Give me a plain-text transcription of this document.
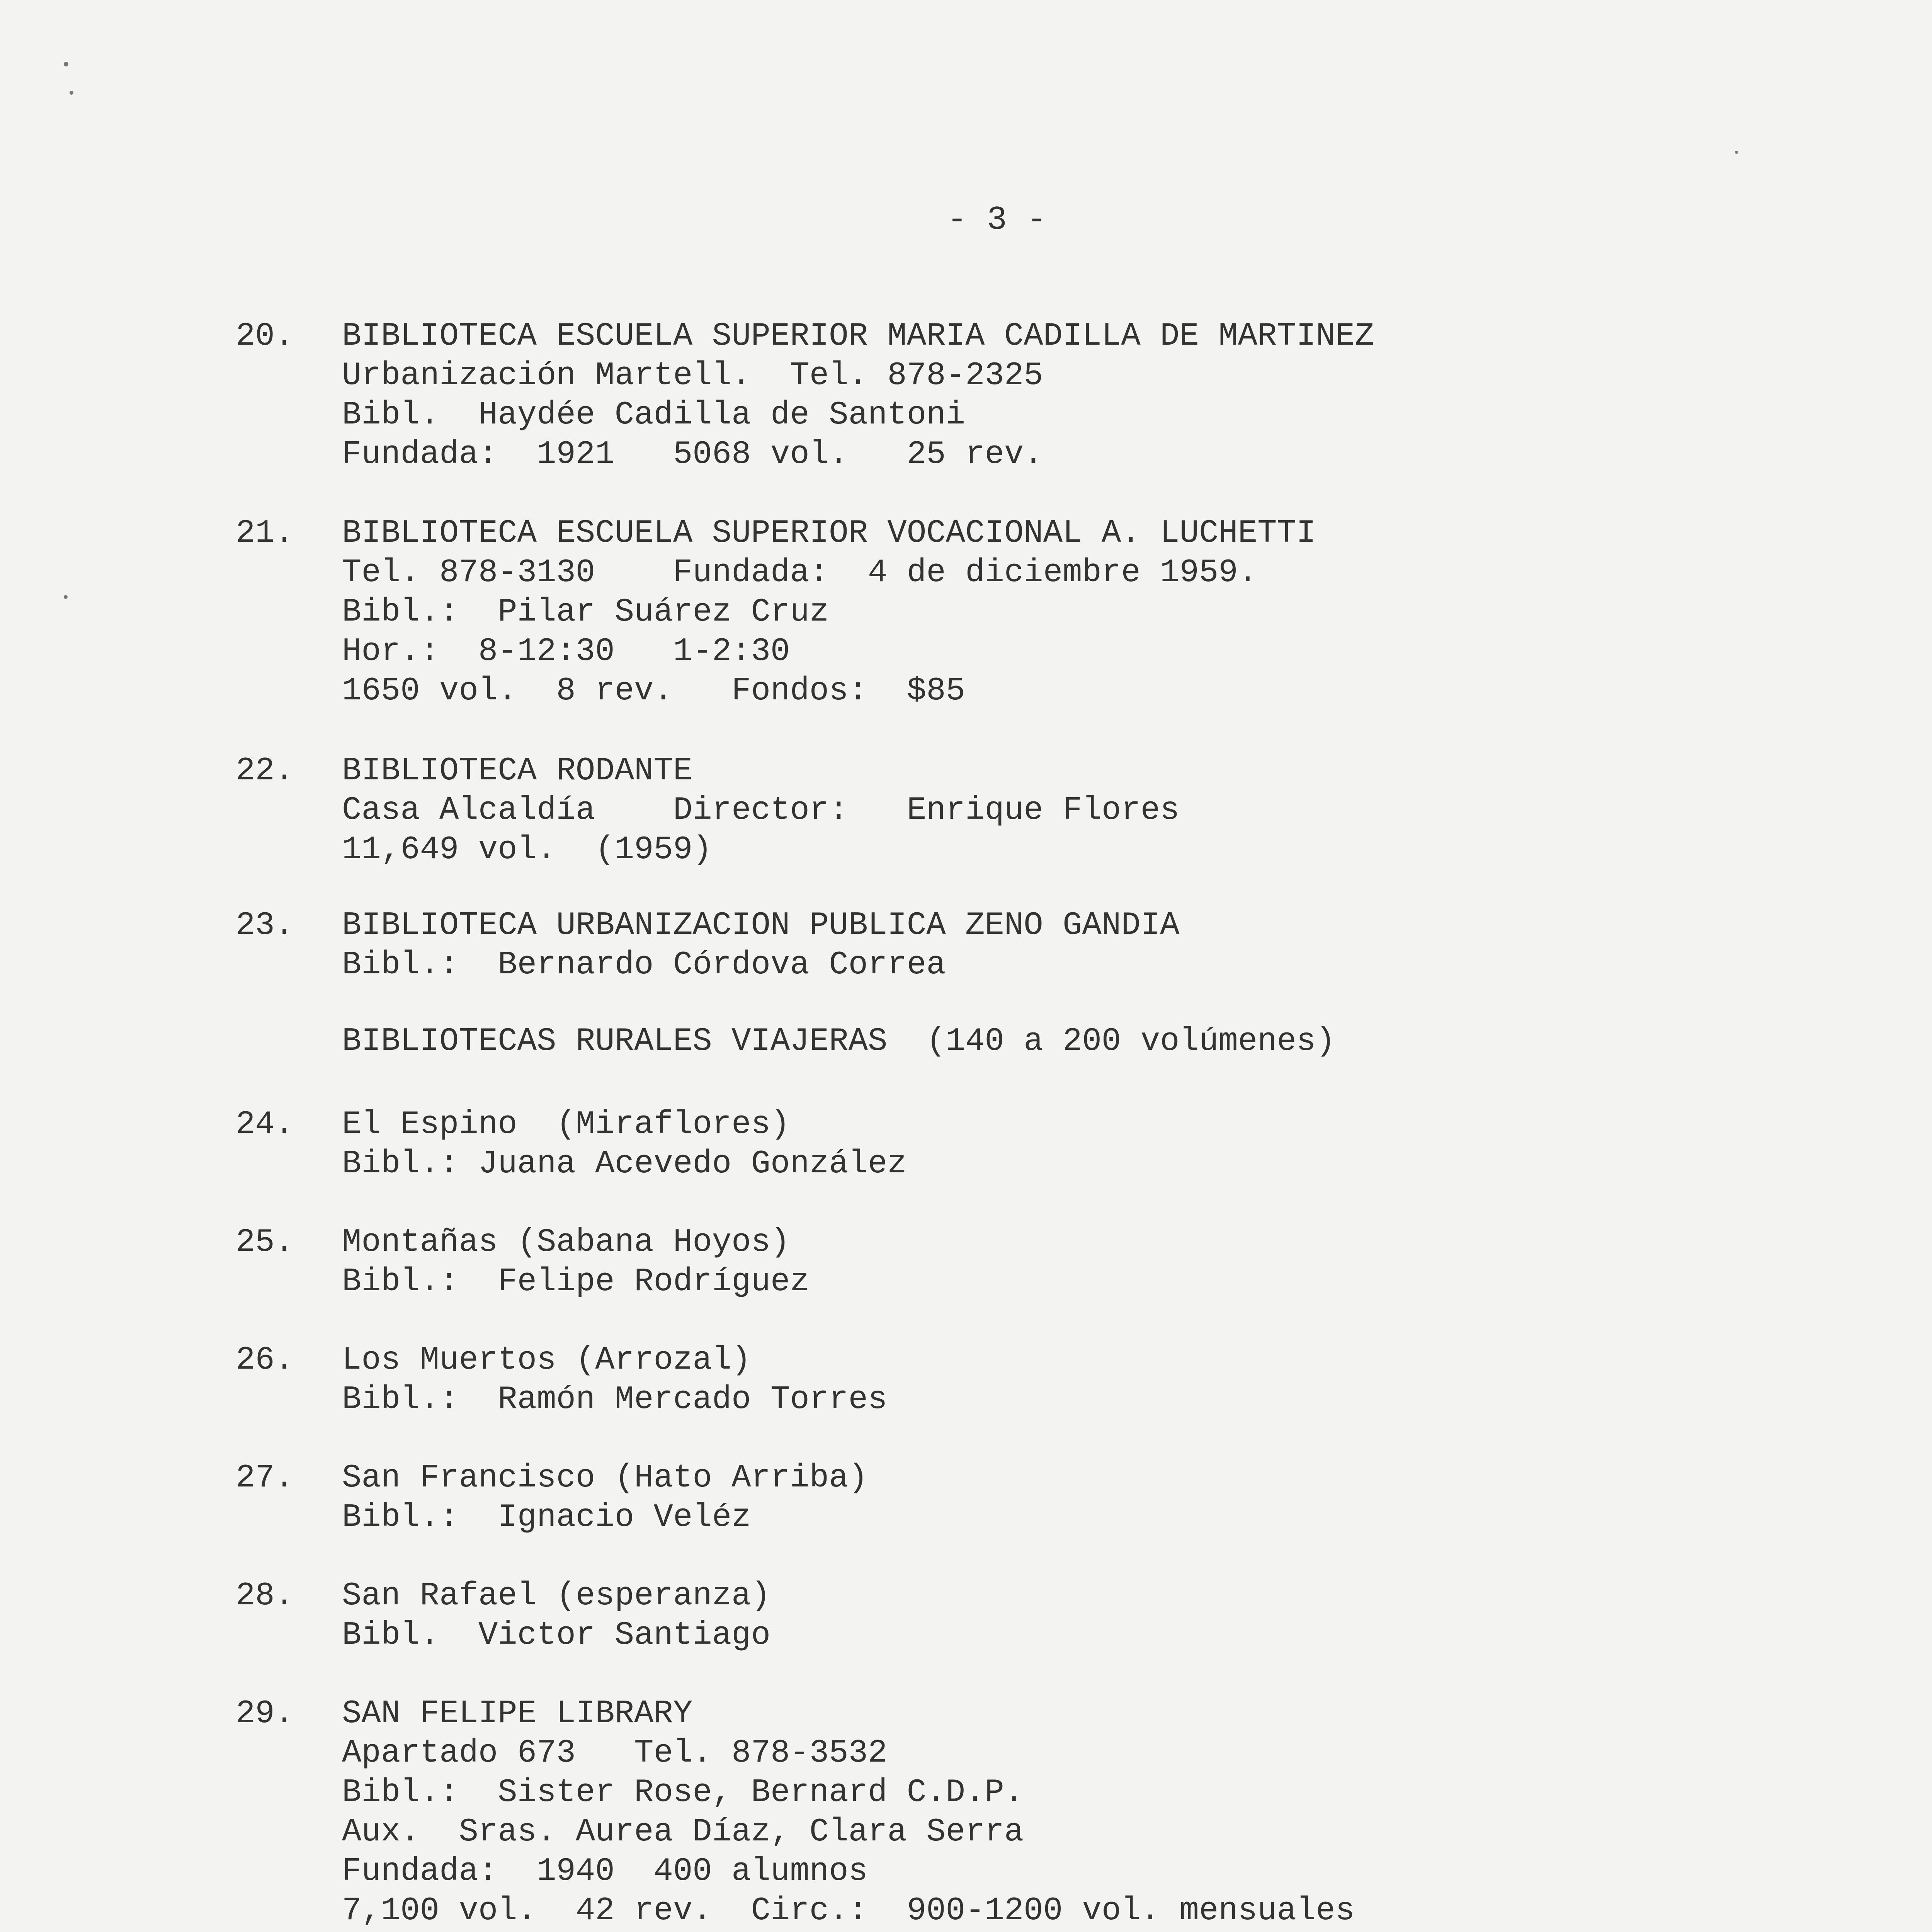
- 3 -
20. BIBLIOTECA ESCUELA SUPERIOR MARIA CADILLA DE MARTINEZ
Urbanización Martell.  Tel. 878-2325
Bibl.  Haydée Cadilla de Santoni
Fundada:  1921   5068 vol.   25 rev.
21. BIBLIOTECA ESCUELA SUPERIOR VOCACIONAL A. LUCHETTI
Tel. 878-3130    Fundada:  4 de diciembre 1959.
Bibl.:  Pilar Suárez Cruz
Hor.:  8-12:30   1-2:30
1650 vol.  8 rev.   Fondos:  $85
22. BIBLIOTECA RODANTE
Casa Alcaldía    Director:   Enrique Flores
11,649 vol.  (1959)
23. BIBLIOTECA URBANIZACION PUBLICA ZENO GANDIA
Bibl.:  Bernardo Córdova Correa
BIBLIOTECAS RURALES VIAJERAS  (140 a 200 volúmenes)
24. El Espino  (Miraflores)
Bibl.: Juana Acevedo González
25. Montañas (Sabana Hoyos)
Bibl.:  Felipe Rodríguez
26. Los Muertos (Arrozal)
Bibl.:  Ramón Mercado Torres
27. San Francisco (Hato Arriba)
Bibl.:  Ignacio Veléz
28. San Rafael (esperanza)
Bibl.  Victor Santiago
29. SAN FELIPE LIBRARY
Apartado 673   Tel. 878-3532
Bibl.:  Sister Rose, Bernard C.D.P.
Aux.  Sras. Aurea Díaz, Clara Serra
Fundada:  1940  400 alumnos
7,100 vol.  42 rev.  Circ.:  900-1200 vol. mensuales
